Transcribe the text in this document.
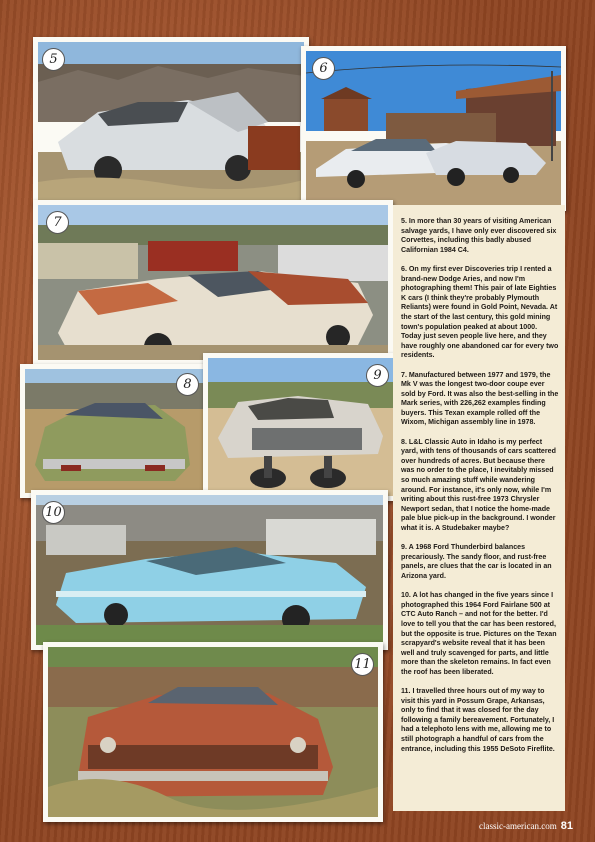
5
6
7
8
9
10
11

5. In more than 30 years of visiting American salvage yards, I have only ever discovered six Corvettes, including this badly abused Californian 1984 C4.

6. On my first ever Discoveries trip I rented a brand-new Dodge Aries, and now I'm photographing them! This pair of late Eighties K cars (I think they're probably Plymouth Reliants) were found in Gold Point, Nevada. At the start of the last century, this gold mining town's population peaked at about 1000. Today just seven people live here, and they have roughly one abandoned car for every two residents.

7. Manufactured between 1977 and 1979, the Mk V was the longest two-door coupe ever sold by Ford. It was also the best-selling in the Mark series, with 226,262 examples finding buyers. This Texan example rolled off the Wixom, Michigan assembly line in 1978.

8. L&L Classic Auto in Idaho is my perfect yard, with tens of thousands of cars scattered over hundreds of acres. But because there was no order to the place, I inevitably missed so much amazing stuff while wandering around. For instance, it's only now, while I'm writing about this rust-free 1973 Chrysler Newport sedan, that I notice the home-made pale blue pick-up in the background. I wonder what it is. A Studebaker maybe?

9. A 1968 Ford Thunderbird balances precariously. The sandy floor, and rust-free panels, are clues that the car is located in an Arizona yard.

10. A lot has changed in the five years since I photographed this 1964 Ford Fairlane 500 at CTC Auto Ranch – and not for the better. I'd love to tell you that the car has been restored, but the opposite is true. Pictures on the Texan scrapyard's website reveal that it has been well and truly scavenged for parts, and little more than the skeleton remains. In fact even the roof has been liberated.

11. I travelled three hours out of my way to visit this yard in Possum Grape, Arkansas, only to find that it was closed for the day following a family bereavement. Fortunately, I had a telephoto lens with me, allowing me to still photograph a handful of cars from the entrance, including this 1955 DeSoto Fireflite.

classic-american.com 81
